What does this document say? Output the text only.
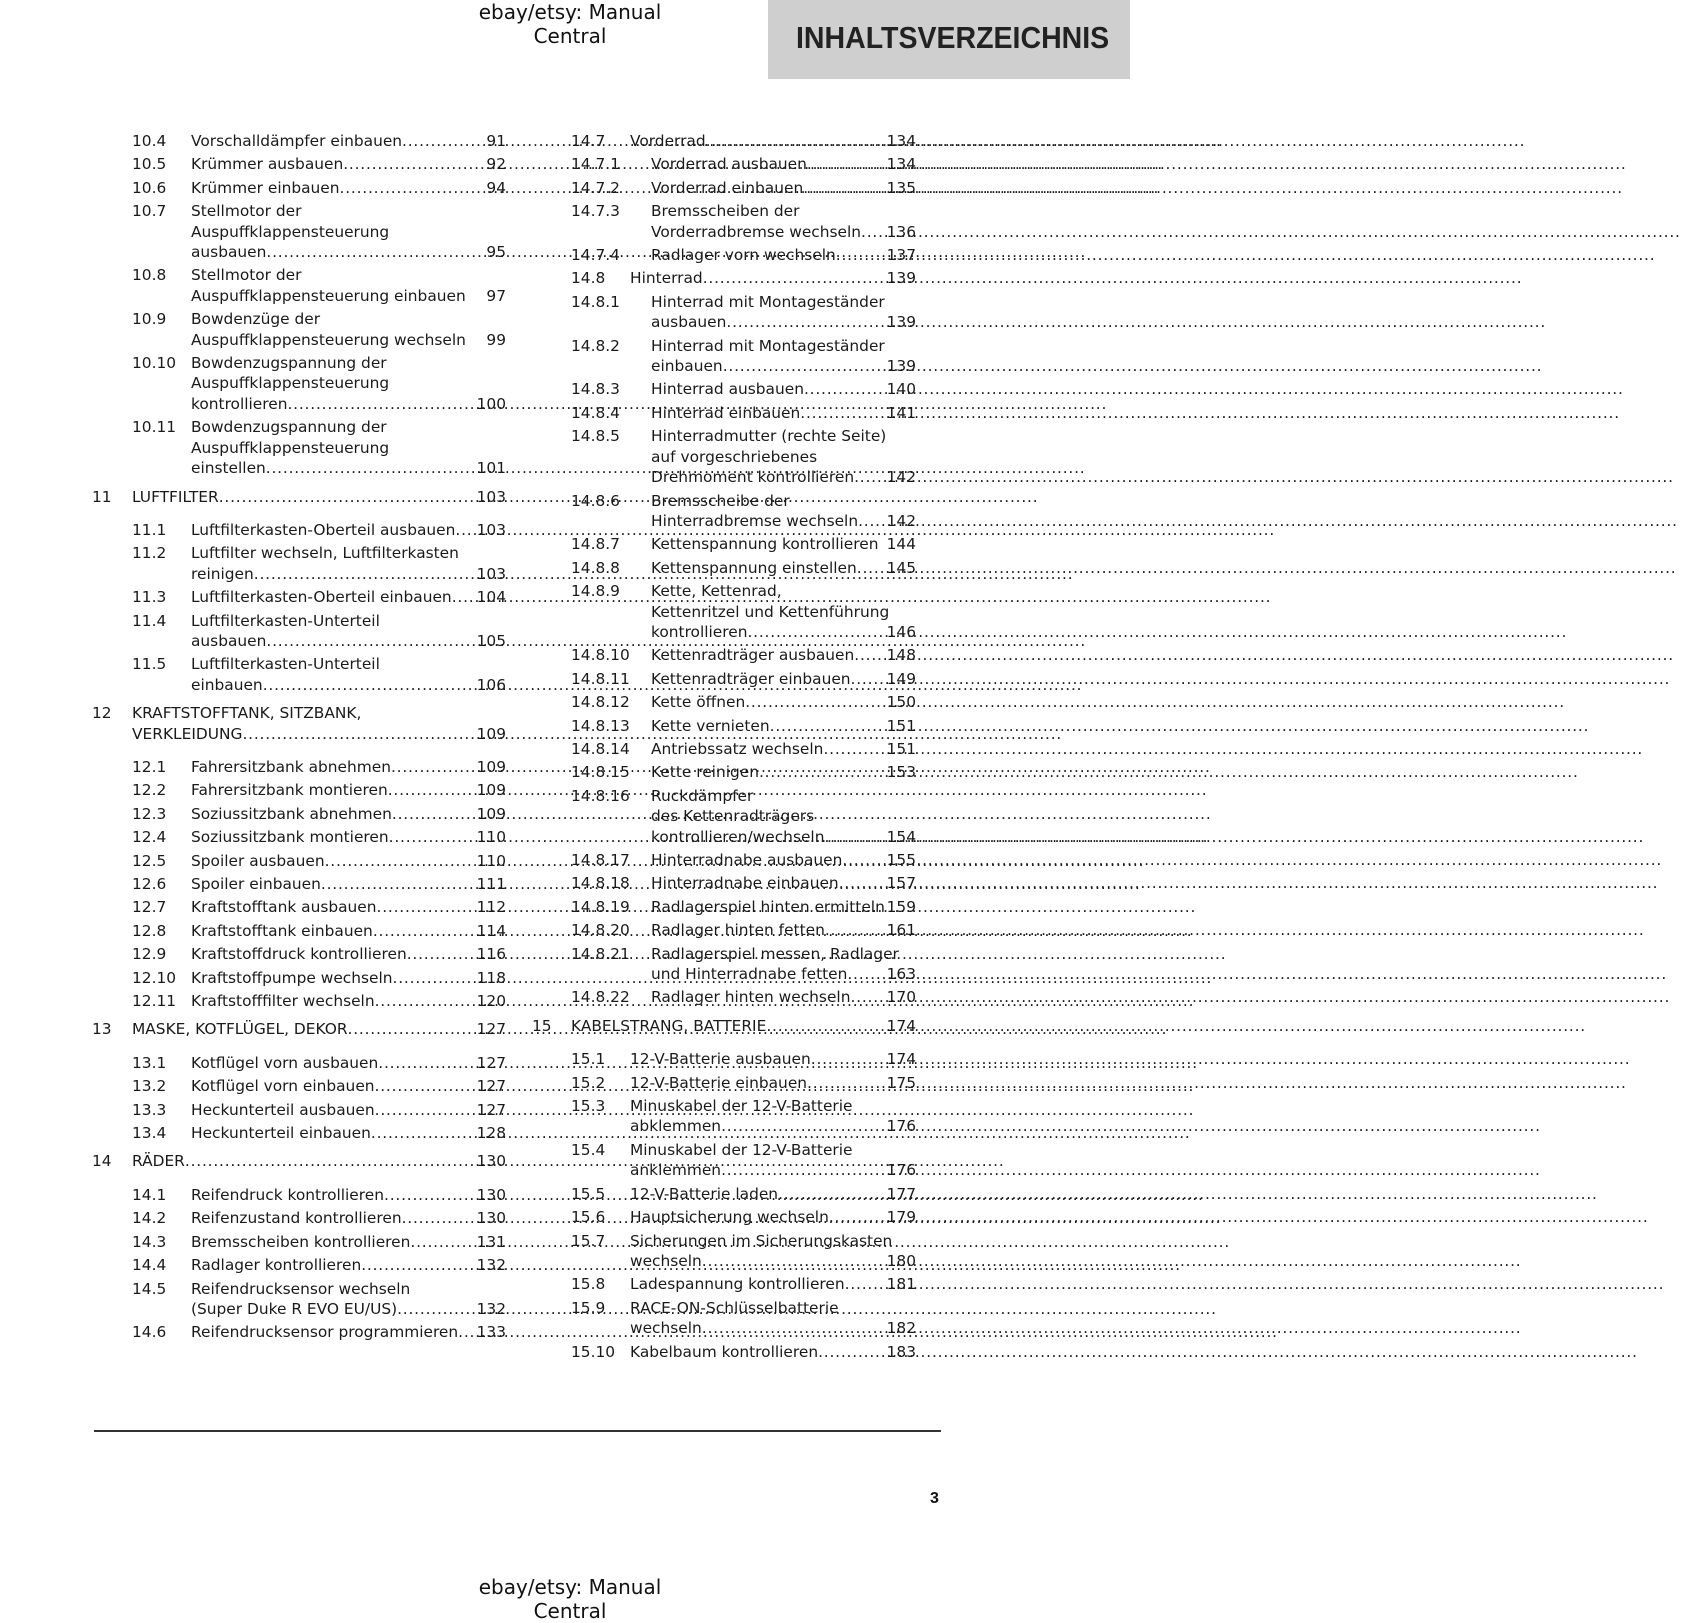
ebay/etsy: Manual Central	INHALTSVERZEICHNIS
10.4 Vorschalldämpfer einbauen .....	91
10.5 Krümmer ausbauen .....	92
10.6 Krümmer einbauen .....	94
10.7 Stellmotor der
Auspuffklappensteuerung
ausbauen .....	95
10.8 Stellmotor der
Auspuffklappensteuerung einbauen	97
10.9 Bowdenzüge der
Auspuffklappensteuerung wechseln	99
10.10 Bowdenzugspannung der
Auspuffklappensteuerung
kontrollieren .....	100
10.11 Bowdenzugspannung der
Auspuffklappensteuerung
einstellen .....	101
11 LUFTFILTER .....	103
11.1 Luftfilterkasten-Oberteil ausbauen .....	103
11.2 Luftfilter wechseln, Luftfilterkasten
reinigen .....	103
11.3 Luftfilterkasten-Oberteil einbauen .....	104
11.4 Luftfilterkasten-Unterteil
ausbauen .....	105
11.5 Luftfilterkasten-Unterteil
einbauen .....	106
12 KRAFTSTOFFTANK, SITZBANK,
VERKLEIDUNG .....	109
12.1 Fahrersitzbank abnehmen .....	109
12.2 Fahrersitzbank montieren .....	109
12.3 Soziussitzbank abnehmen .....	109
12.4 Soziussitzbank montieren .....	110
12.5 Spoiler ausbauen .....	110
12.6 Spoiler einbauen .....	111
12.7 Kraftstofftank ausbauen .....	112
12.8 Kraftstofftank einbauen .....	114
12.9 Kraftstoffdruck kontrollieren .....	116
12.10 Kraftstoffpumpe wechseln .....	118
12.11 Kraftstofffilter wechseln .....	120
13 MASKE, KOTFLÜGEL, DEKOR .....	127
13.1 Kotflügel vorn ausbauen .....	127
13.2 Kotflügel vorn einbauen .....	127
13.3 Heckunterteil ausbauen .....	127
13.4 Heckunterteil einbauen .....	128
14 RÄDER .....	130
14.1 Reifendruck kontrollieren .....	130
14.2 Reifenzustand kontrollieren .....	130
14.3 Bremsscheiben kontrollieren .....	131
14.4 Radlager kontrollieren .....	132
14.5 Reifendrucksensor wechseln
(Super Duke R EVO EU/US) .....	132
14.6 Reifendrucksensor programmieren .....	133
14.7 Vorderrad .....	134
14.7.1 Vorderrad ausbauen .....	134
14.7.2 Vorderrad einbauen .....	135
14.7.3 Bremsscheiben der
Vorderradbremse wechseln .....	136
14.7.4 Radlager vorn wechseln .....	137
14.8 Hinterrad .....	139
14.8.1 Hinterrad mit Montageständer
ausbauen .....	139
14.8.2 Hinterrad mit Montageständer
einbauen .....	139
14.8.3 Hinterrad ausbauen .....	140
14.8.4 Hinterrad einbauen .....	141
14.8.5 Hinterradmutter (rechte Seite)
auf vorgeschriebenes
Drehmoment kontrollieren .....	142
14.8.6 Bremsscheibe der
Hinterradbremse wechseln .....	142
14.8.7 Kettenspannung kontrollieren 144
14.8.8 Kettenspannung einstellen .....	145
14.8.9 Kette, Kettenrad,
Kettenritzel und Kettenführung
kontrollieren .....	146
14.8.10 Kettenradträger ausbauen .....	148
14.8.11 Kettenradträger einbauen .....	149
14.8.12 Kette öffnen .....	150
14.8.13 Kette vernieten .....	151
14.8.14 Antriebssatz wechseln .....	151
14.8.15 Kette reinigen .....	153
14.8.16 Ruckdämpfer
des Kettenradträgers
kontrollieren/wechseln .....	154
14.8.17 Hinterradnabe ausbauen .....	155
14.8.18 Hinterradnabe einbauen .....	157
14.8.19 Radlagerspiel hinten ermitteln 159
14.8.20 Radlager hinten fetten .....	161
14.8.21 Radlagerspiel messen, Radlager
und Hinterradnabe fetten .....	163
14.8.22 Radlager hinten wechseln .....	170
15 KABELSTRANG, BATTERIE .....	174
15.1 12-V-Batterie ausbauen .....	174
15.2 12-V-Batterie einbauen .....	175
15.3 Minuskabel der 12-V-Batterie
abklemmen .....	176
15.4 Minuskabel der 12-V-Batterie
anklemmen .....	176
15.5 12-V-Batterie laden .....	177
15.6 Hauptsicherung wechseln .....	179
15.7 Sicherungen im Sicherungskasten
wechseln .....	180
15.8 Ladespannung kontrollieren .....	181
15.9 RACE-ON-Schlüsselbatterie
wechseln .....	182
15.10 Kabelbaum kontrollieren .....	183
3
ebay/etsy: Manual Central
